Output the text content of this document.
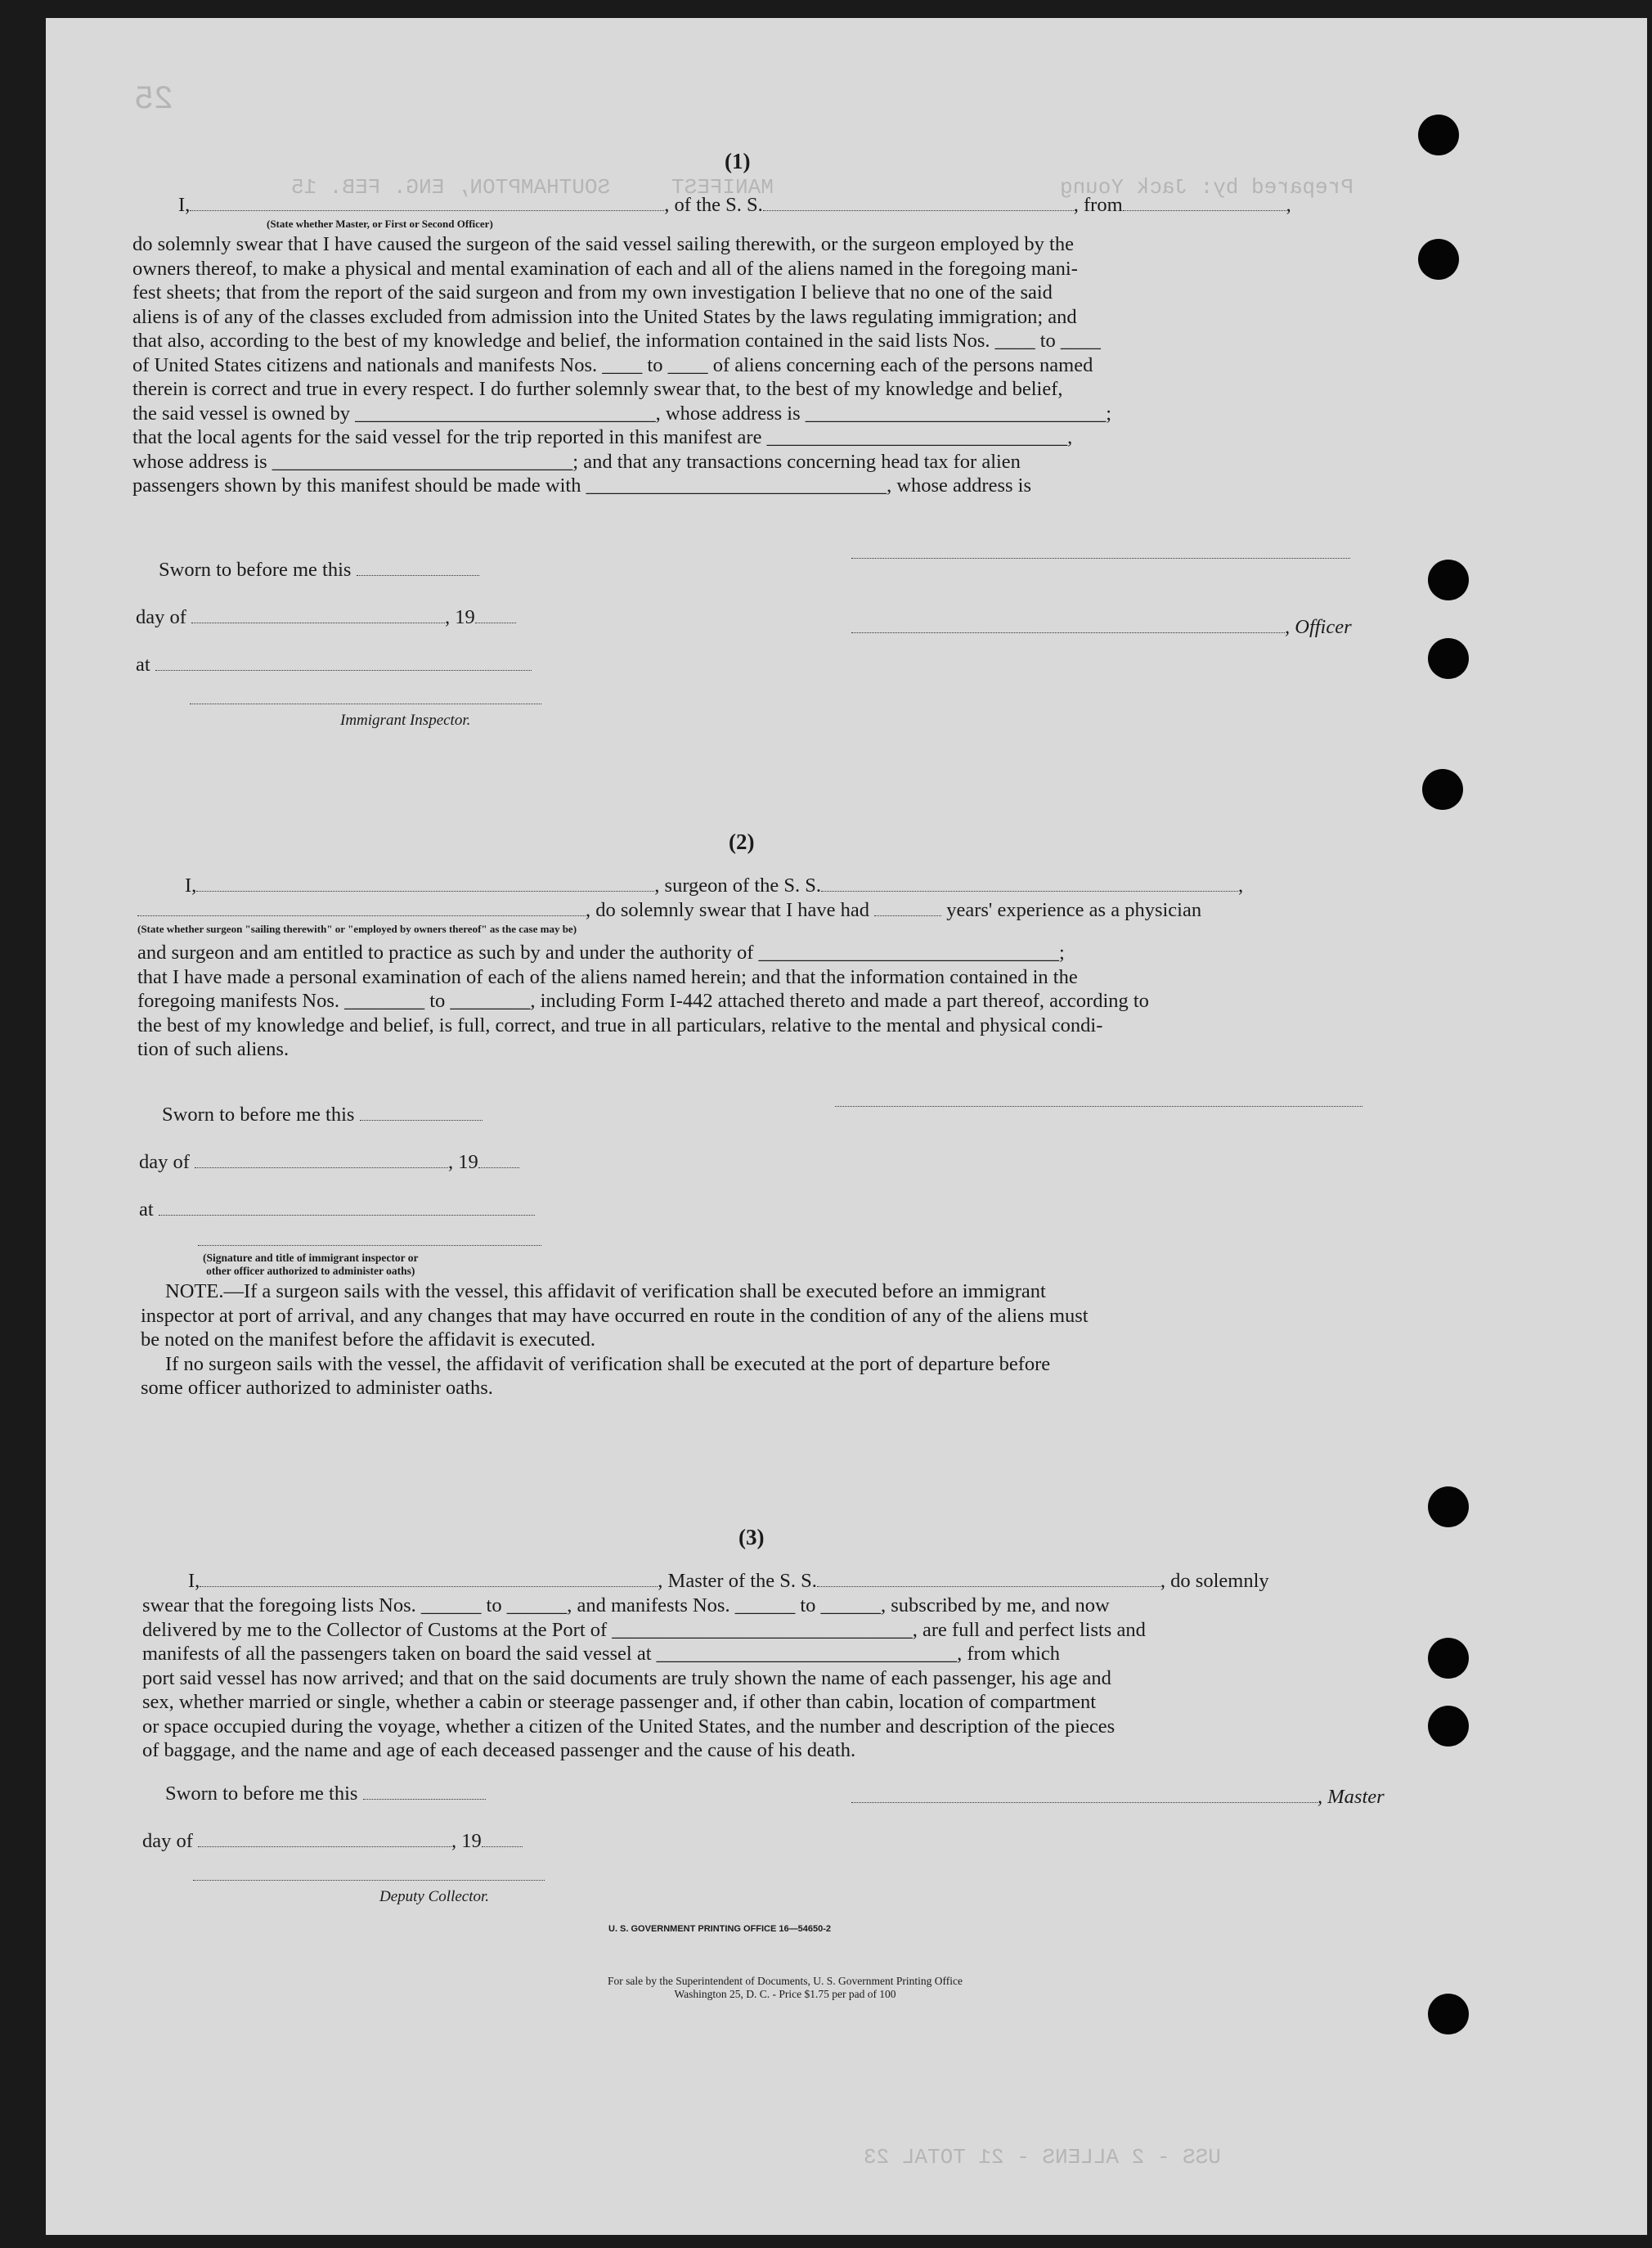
25
Prepared by: Jack Young
MANIFEST
SOUTHAMPTON, ENG. FEB. 15
USS - 2 ALLENS - 21 TOTAL 23
(1)
I,	, of the S. S.	, from	,
(State whether Master, or First or Second Officer)
do solemnly swear that I have caused the surgeon of the said vessel sailing therewith, or the surgeon employed by the
owners thereof, to make a physical and mental examination of each and all of the aliens named in the foregoing mani-
fest sheets; that from the report of the said surgeon and from my own investigation I believe that no one of the said
aliens is of any of the classes excluded from admission into the United States by the laws regulating immigration; and
that also, according to the best of my knowledge and belief, the information contained in the said lists Nos. ____ to ____
of United States citizens and nationals and manifests Nos. ____ to ____ of aliens concerning each of the persons named
therein is correct and true in every respect. I do further solemnly swear that, to the best of my knowledge and belief,
the said vessel is owned by ______________________________, whose address is ______________________________;
that the local agents for the said vessel for the trip reported in this manifest are ______________________________,
whose address is ______________________________; and that any transactions concerning head tax for alien
passengers shown by this manifest should be made with ______________________________, whose address is
Sworn to before me this
day of	, 19
at
Immigrant Inspector.
, Officer
(2)
I,	, surgeon of the S. S.	,
, do solemnly swear that I have had	years' experience as a physician
(State whether surgeon "sailing therewith" or "employed by owners thereof" as the case may be)
and surgeon and am entitled to practice as such by and under the authority of ______________________________;
that I have made a personal examination of each of the aliens named herein; and that the information contained in the
foregoing manifests Nos. ________ to ________, including Form I-442 attached thereto and made a part thereof, according to
the best of my knowledge and belief, is full, correct, and true in all particulars, relative to the mental and physical condi-
tion of such aliens.
Sworn to before me this
day of	, 19
at
(Signature and title of immigrant inspector or
other officer authorized to administer oaths)
NOTE.—If a surgeon sails with the vessel, this affidavit of verification shall be executed before an immigrant
inspector at port of arrival, and any changes that may have occurred en route in the condition of any of the aliens must
be noted on the manifest before the affidavit is executed.
If no surgeon sails with the vessel, the affidavit of verification shall be executed at the port of departure before
some officer authorized to administer oaths.
(3)
I,	, Master of the S. S.	, do solemnly
swear that the foregoing lists Nos. ______ to ______, and manifests Nos. ______ to ______, subscribed by me, and now
delivered by me to the Collector of Customs at the Port of ______________________________, are full and perfect lists and
manifests of all the passengers taken on board the said vessel at ______________________________, from which
port said vessel has now arrived; and that on the said documents are truly shown the name of each passenger, his age and
sex, whether married or single, whether a cabin or steerage passenger and, if other than cabin, location of compartment
or space occupied during the voyage, whether a citizen of the United States, and the number and description of the pieces
of baggage, and the name and age of each deceased passenger and the cause of his death.
Sworn to before me this	, Master
day of	, 19
Deputy Collector.
U. S. GOVERNMENT PRINTING OFFICE 16—54650-2
For sale by the Superintendent of Documents, U. S. Government Printing Office
Washington 25, D. C. - Price $1.75 per pad of 100
